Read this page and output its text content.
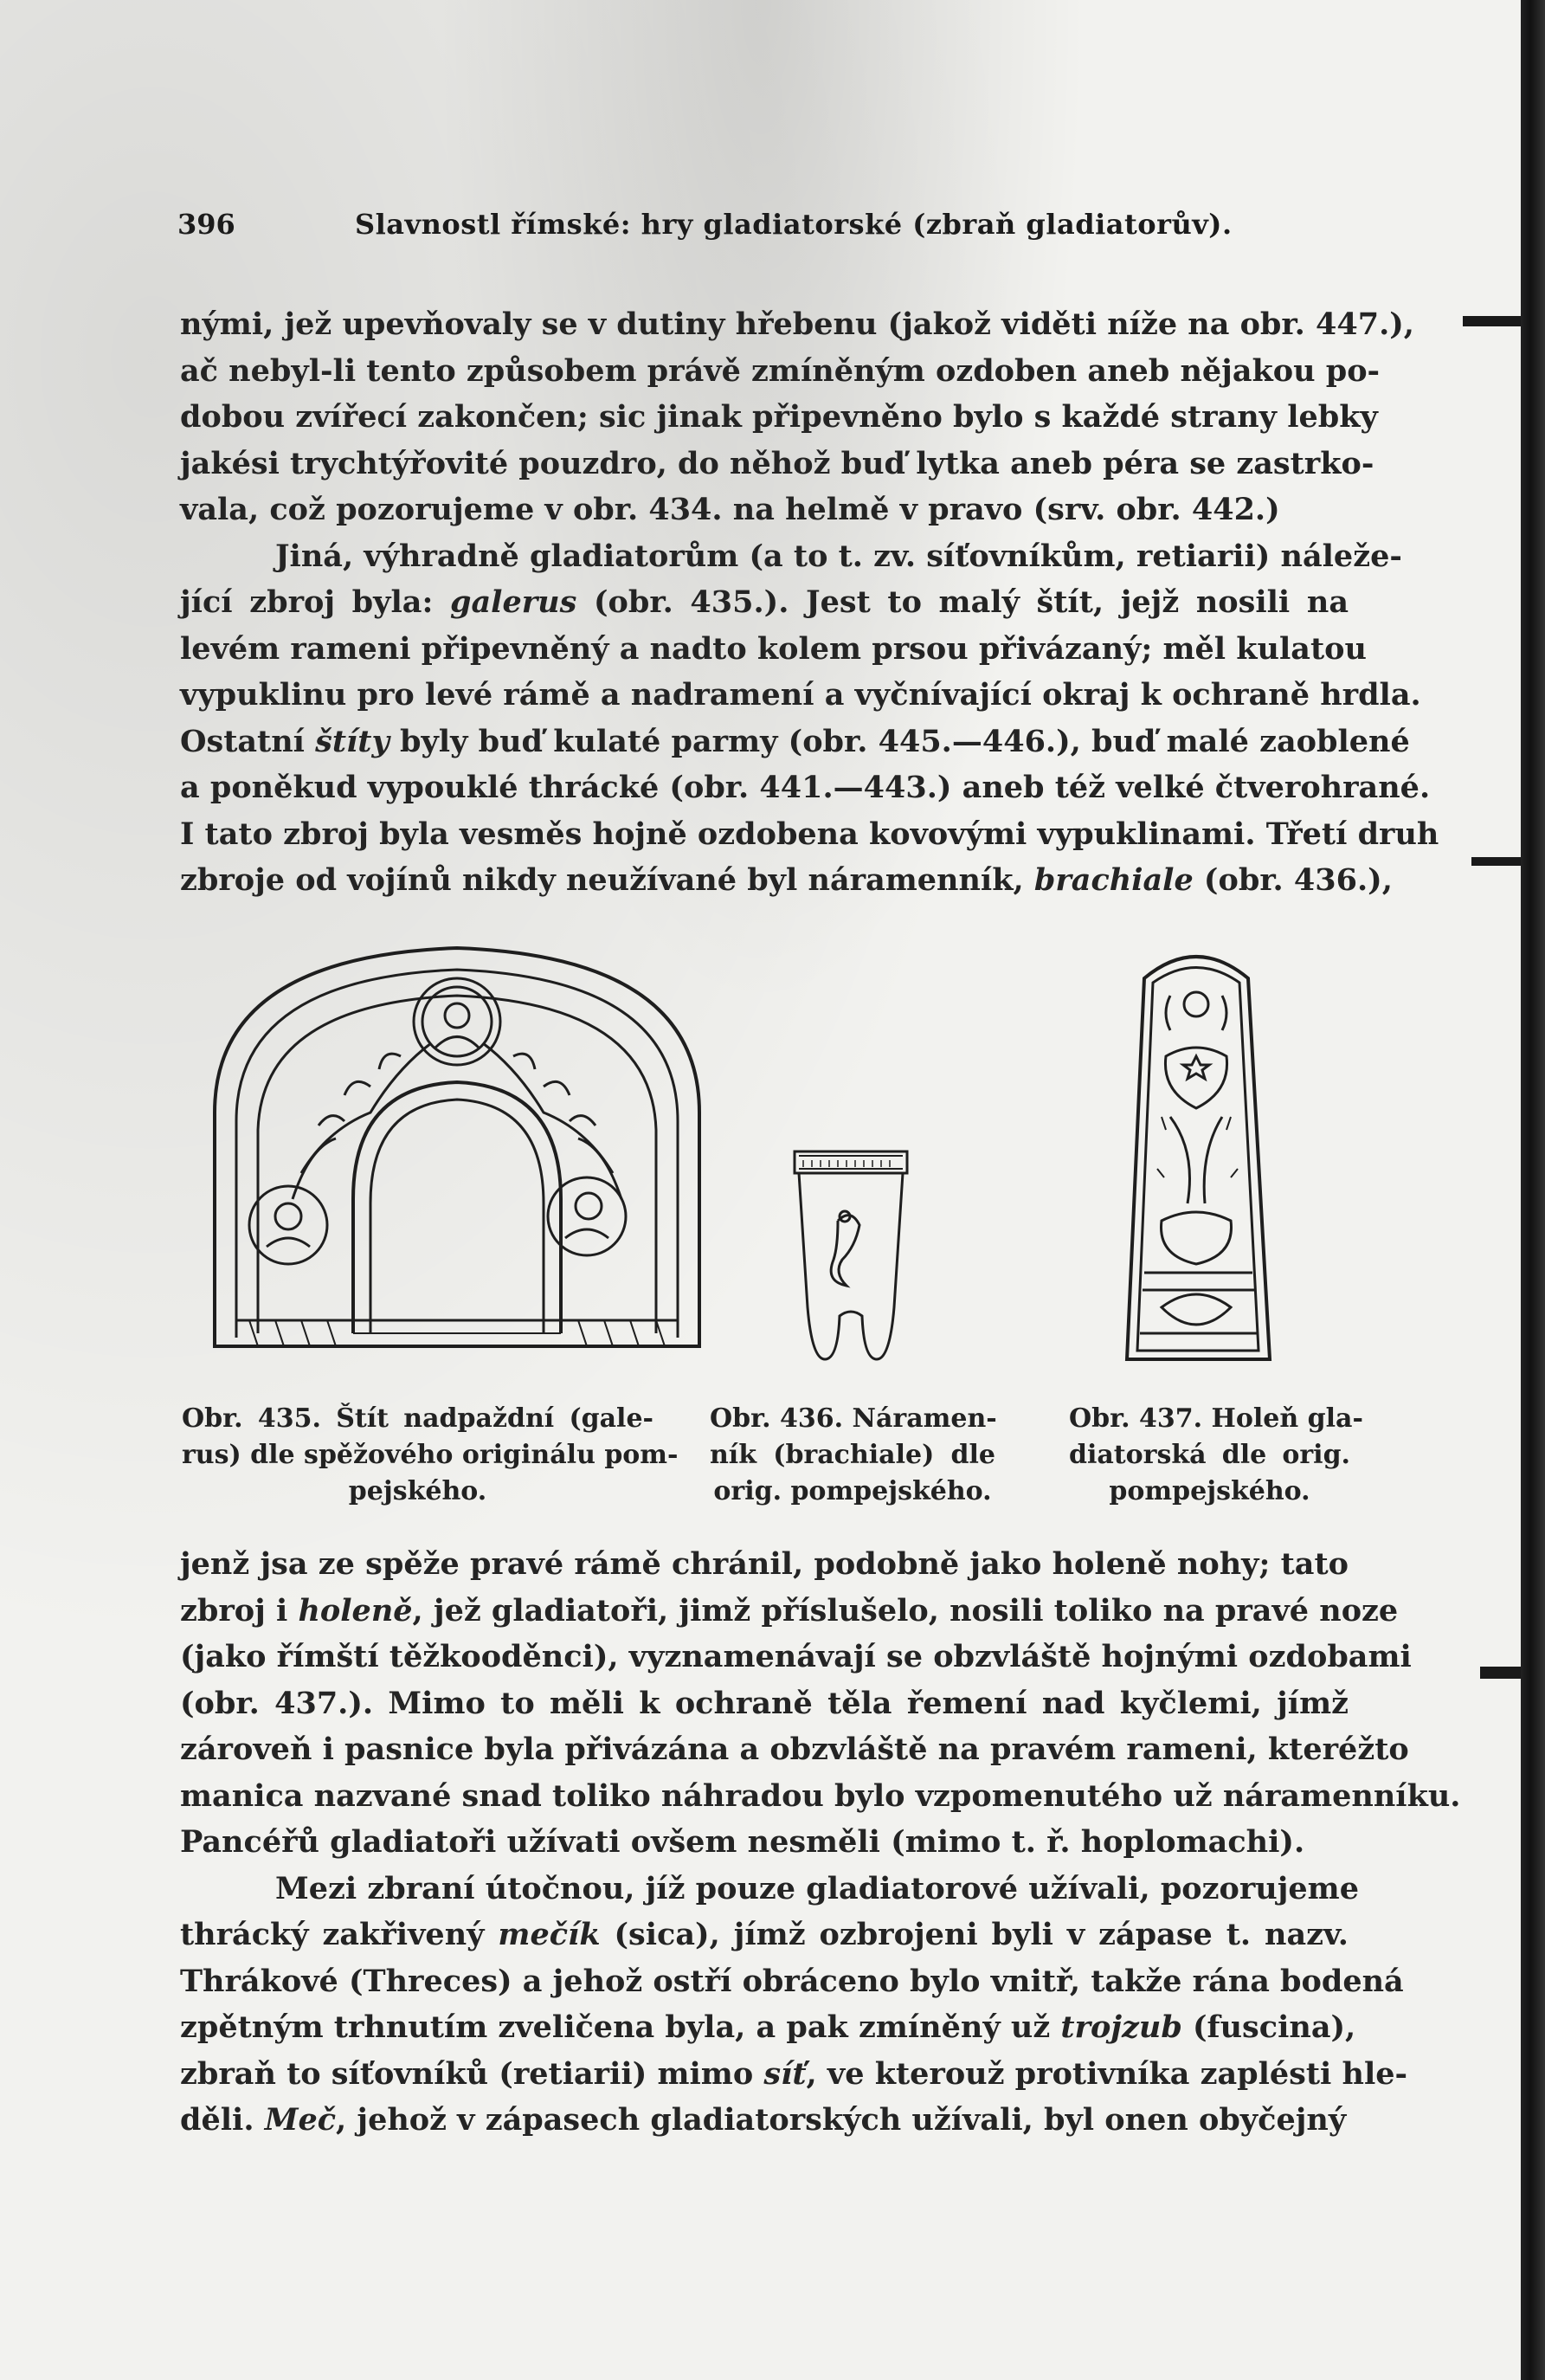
396	Slavnostl římské: hry gladiatorské (zbraň gladiatorův).
nými, jež upevňovaly se v dutiny hřebenu (jakož viděti níže na obr. 447.),
ač nebyl-li tento způsobem právě zmíněným ozdoben aneb nějakou po-
dobou zvířecí zakončen; sic jinak připevněno bylo s každé strany lebky
jakési trychtýřovité pouzdro, do něhož buď lytka aneb péra se zastrko-
vala, což pozorujeme v obr. 434. na helmě v pravo (srv. obr. 442.)
Jiná, výhradně gladiatorům (a to t. zv. síťovníkům, retiarii) náleže-
jící zbroj byla: galerus (obr. 435.). Jest to malý štít, jejž nosili na
levém rameni připevněný a nadto kolem prsou přivázaný; měl kulatou
vypuklinu pro levé rámě a nadramení a vyčnívající okraj k ochraně hrdla.
Ostatní štíty byly buď kulaté parmy (obr. 445.—446.), buď malé zaoblené
a poněkud vypouklé thrácké (obr. 441.—443.) aneb též velké čtverohrané.
I tato zbroj byla vesměs hojně ozdobena kovovými vypuklinami. Třetí druh
zbroje od vojínů nikdy neužívané byl náramenník, brachiale (obr. 436.),
Obr. 435. Štít nadpaždní (gale-
rus) dle spěžového originálu pom-
pejského.
Obr. 436. Náramen-
ník (brachiale) dle
orig. pompejského.
Obr. 437. Holeň gla-
diatorská dle orig.
pompejského.
jenž jsa ze spěže pravé rámě chránil, podobně jako holeně nohy; tato
zbroj i holeně, jež gladiatoři, jimž příslušelo, nosili toliko na pravé noze
(jako římští těžkooděnci), vyznamenávají se obzvláště hojnými ozdobami
(obr. 437.). Mimo to měli k ochraně těla řemení nad kyčlemi, jímž
zároveň i pasnice byla přivázána a obzvláště na pravém rameni, kteréžto
manica nazvané snad toliko náhradou bylo vzpomenutého už náramenníku.
Pancéřů gladiatoři užívati ovšem nesměli (mimo t. ř. hoplomachi).
Mezi zbraní útočnou, jíž pouze gladiatorové užívali, pozorujeme
thrácký zakřivený mečík (sica), jímž ozbrojeni byli v zápase t. nazv.
Thrákové (Threces) a jehož ostří obráceno bylo vnitř, takže rána bodená
zpětným trhnutím zveličena byla, a pak zmíněný už trojzub (fuscina),
zbraň to síťovníků (retiarii) mimo síť, ve kterouž protivníka zaplésti hle-
děli. Meč, jehož v zápasech gladiatorských užívali, byl onen obyčejný
